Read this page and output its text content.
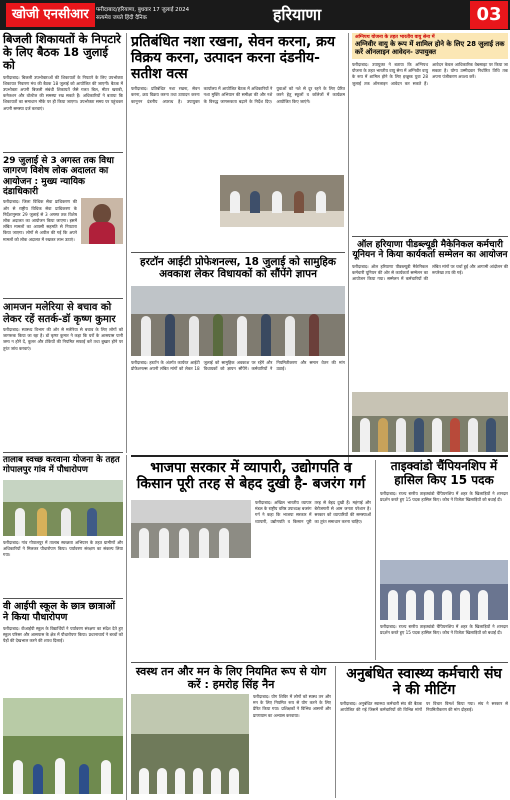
खोजी एनसीआर	फरीदाबाद/हरियाणा, बुधवार 17 जुलाई 2024
सत्यमेव जयते हिंदी दैनिक	हरियाणा	03
बिजली शिकायतों के निपटारे के लिए बैठक 18 जुलाई को
फरीदाबाद। बिजली उपभोक्ताओं की शिकायतों के निपटारे के लिए उपभोक्ता शिकायत निवारण मंच की बैठक 18 जुलाई को आयोजित की जाएगी। बैठक में उपभोक्ता अपनी बिजली संबंधी शिकायतें जैसे गलत बिल, मीटर खराबी, कनेक्शन और वोल्टेज की समस्या रख सकते हैं। अधिकारियों ने बताया कि शिकायतों का समाधान मौके पर ही किया जाएगा। उपभोक्ता समय पर पहुंचकर अपनी समस्या दर्ज करवाएं।
29 जुलाई से 3 अगस्त तक विधा जागरण विशेष लोक अदालत का आयोजन : मुख्य न्यायिक दंडाधिकारी
फरीदाबाद। जिला विधिक सेवा प्राधिकरण की ओर से राष्ट्रीय विधिक सेवा प्राधिकरण के निर्देशानुसार 29 जुलाई से 3 अगस्त तक विशेष लोक अदालत का आयोजन किया जाएगा। इसमें लंबित मामलों का आपसी सहमति से निपटारा किया जाएगा। लोगों से अपील की गई कि अपने मामलों को लोक अदालत में रखकर लाभ उठाएं।
आमजन मलेरिया से बचाव को लेकर रहें सतर्क-डॉ कृष्ण कुमार
फरीदाबाद। स्वास्थ्य विभाग की ओर से मलेरिया से बचाव के लिए लोगों को जागरूक किया जा रहा है। डॉ कृष्ण कुमार ने कहा कि घरों के आसपास पानी जमा न होने दें, कूलर और टंकियों की नियमित सफाई करें तथा बुखार होने पर तुरंत जांच करवाएं।
तालाब स्वच्छ करवाना योजना के तहत गोपालपुर गांव में पौधारोपण
फरीदाबाद। गांव गोपालपुर में तालाब स्वच्छता अभियान के तहत ग्रामीणों और अधिकारियों ने मिलकर पौधारोपण किया। पर्यावरण संरक्षण का संकल्प लिया गया।
वी आईपी स्कूल के छात्र छात्राओं ने किया पौधारोपण
फरीदाबाद। वीआईपी स्कूल के विद्यार्थियों ने पर्यावरण संरक्षण का संदेश देते हुए स्कूल परिसर और आसपास के क्षेत्र में पौधारोपण किया। प्रधानाचार्य ने बच्चों को पेड़ों की देखभाल करने की शपथ दिलाई।
प्रतिबंधित नशा रखना, सेवन करना, क्रय विक्रय करना, उत्पादन करना दंडनीय- सतीश वत्स
फरीदाबाद। प्रतिबंधित नशा रखना, सेवन करना, क्रय विक्रय करना तथा उत्पादन करना कानूनन दंडनीय अपराध है। उपायुक्त कार्यालय में आयोजित बैठक में अधिकारियों ने नशा मुक्ति अभियान की समीक्षा की और नशे के विरुद्ध जागरूकता बढ़ाने के निर्देश दिए। युवाओं को नशे से दूर रहने के लिए प्रेरित करने हेतु स्कूलों व कॉलेजों में कार्यक्रम आयोजित किए जाएंगे।
हरटॉन आईटी प्रोफेशनल्स, 18 जुलाई को सामुहिक अवकाश लेकर विधायकों को सौंपेंगे ज्ञापन
फरीदाबाद। हरटॉन के अंतर्गत कार्यरत आईटी प्रोफेशनल्स अपनी लंबित मांगों को लेकर 18 जुलाई को सामुहिक अवकाश पर रहेंगे और विधायकों को ज्ञापन सौंपेंगे। कर्मचारियों ने नियमितीकरण और समान वेतन की मांग उठाई।
अग्निपथ योजना के तहत भारतीय वायु सेना में
अग्निवीर वायु के रूप में शामिल होने के लिए 28 जुलाई तक करें ऑनलाइन आवेदन- उपायुक्त
फरीदाबाद। उपायुक्त ने बताया कि अग्निपथ योजना के तहत भारतीय वायु सेना में अग्निवीर वायु के रूप में शामिल होने के लिए इच्छुक युवा 28 जुलाई तक ऑनलाइन आवेदन कर सकते हैं। आवेदन केवल आधिकारिक वेबसाइट पर किया जा सकता है। योग्य उम्मीदवार निर्धारित तिथि तक अपना पंजीकरण अवश्य करें।
ऑल हरियाणा पीडब्ल्यूडी मैकेनिकल कर्मचारी यूनियन ने किया कार्यकर्ता सम्मेलन का आयोजन
फरीदाबाद। ऑल हरियाणा पीडब्ल्यूडी मैकेनिकल कर्मचारी यूनियन की ओर से कार्यकर्ता सम्मेलन का आयोजन किया गया। सम्मेलन में कर्मचारियों की लंबित मांगों पर चर्चा हुई और आगामी आंदोलन की रूपरेखा तय की गई।
भाजपा सरकार में व्यापारी, उद्योगपति व किसान पूरी तरह से बेहद दुखी है- बजरंग गर्ग
फरीदाबाद। अखिल भारतीय व्यापार मंडल के राष्ट्रीय वरिष्ठ उपाध्यक्ष बजरंग गर्ग ने कहा कि भाजपा सरकार में व्यापारी, उद्योगपति व किसान पूरी तरह से बेहद दुखी हैं। महंगाई और बेरोजगारी से आम जनता परेशान है। सरकार को व्यापारियों की समस्याओं का तुरंत समाधान करना चाहिए।
ताइक्वांडो चैंपियनशिप में हासिल किए 15 पदक
फरीदाबाद। राज्य स्तरीय ताइक्वांडो चैंपियनशिप में शहर के खिलाड़ियों ने शानदार प्रदर्शन करते हुए 15 पदक हासिल किए। कोच ने विजेता खिलाड़ियों को बधाई दी।
फरीदाबाद। राज्य स्तरीय ताइक्वांडो चैंपियनशिप में शहर के खिलाड़ियों ने शानदार प्रदर्शन करते हुए 15 पदक हासिल किए। कोच ने विजेता खिलाड़ियों को बधाई दी।
स्वस्थ तन और मन के लिए नियमित रूप से योग करें : हमरोह सिंह नैन
फरीदाबाद। योग शिविर में लोगों को स्वस्थ तन और मन के लिए नियमित रूप से योग करने के लिए प्रेरित किया गया। प्रशिक्षकों ने विभिन्न आसनों और प्राणायाम का अभ्यास करवाया।
अनुबंधित स्वास्थ्य कर्मचारी संघ ने की मीटिंग
फरीदाबाद। अनुबंधित स्वास्थ्य कर्मचारी संघ की बैठक आयोजित की गई जिसमें कर्मचारियों की विभिन्न मांगों पर विचार विमर्श किया गया। संघ ने सरकार से नियमितीकरण की मांग दोहराई।
